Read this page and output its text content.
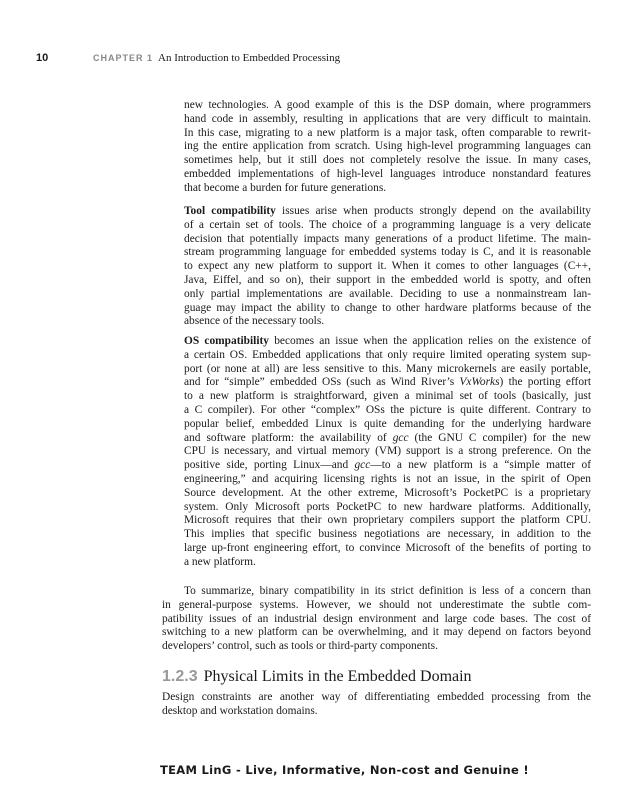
10	CHAPTER 1 An Introduction to Embedded Processing
new technologies. A good example of this is the DSP domain, where programmers
hand code in assembly, resulting in applications that are very difficult to maintain.
In this case, migrating to a new platform is a major task, often comparable to rewrit-
ing the entire application from scratch. Using high-level programming languages can
sometimes help, but it still does not completely resolve the issue. In many cases,
embedded implementations of high-level languages introduce nonstandard features
that become a burden for future generations.
Tool compatibility issues arise when products strongly depend on the availability
of a certain set of tools. The choice of a programming language is a very delicate
decision that potentially impacts many generations of a product lifetime. The main-
stream programming language for embedded systems today is C, and it is reasonable
to expect any new platform to support it. When it comes to other languages (C++,
Java, Eiffel, and so on), their support in the embedded world is spotty, and often
only partial implementations are available. Deciding to use a nonmainstream lan-
guage may impact the ability to change to other hardware platforms because of the
absence of the necessary tools.
OS compatibility becomes an issue when the application relies on the existence of
a certain OS. Embedded applications that only require limited operating system sup-
port (or none at all) are less sensitive to this. Many microkernels are easily portable,
and for “simple” embedded OSs (such as Wind River’s VxWorks) the porting effort
to a new platform is straightforward, given a minimal set of tools (basically, just
a C compiler). For other “complex” OSs the picture is quite different. Contrary to
popular belief, embedded Linux is quite demanding for the underlying hardware
and software platform: the availability of gcc (the GNU C compiler) for the new
CPU is necessary, and virtual memory (VM) support is a strong preference. On the
positive side, porting Linux—and gcc—to a new platform is a “simple matter of
engineering,” and acquiring licensing rights is not an issue, in the spirit of Open
Source development. At the other extreme, Microsoft’s PocketPC is a proprietary
system. Only Microsoft ports PocketPC to new hardware platforms. Additionally,
Microsoft requires that their own proprietary compilers support the platform CPU.
This implies that specific business negotiations are necessary, in addition to the
large up-front engineering effort, to convince Microsoft of the benefits of porting to
a new platform.
To summarize, binary compatibility in its strict definition is less of a concern than
in general-purpose systems. However, we should not underestimate the subtle com-
patibility issues of an industrial design environment and large code bases. The cost of
switching to a new platform can be overwhelming, and it may depend on factors beyond
developers’ control, such as tools or third-party components.
1.2.3 Physical Limits in the Embedded Domain
Design constraints are another way of differentiating embedded processing from the
desktop and workstation domains.
TEAM LinG - Live, Informative, Non-cost and Genuine !
